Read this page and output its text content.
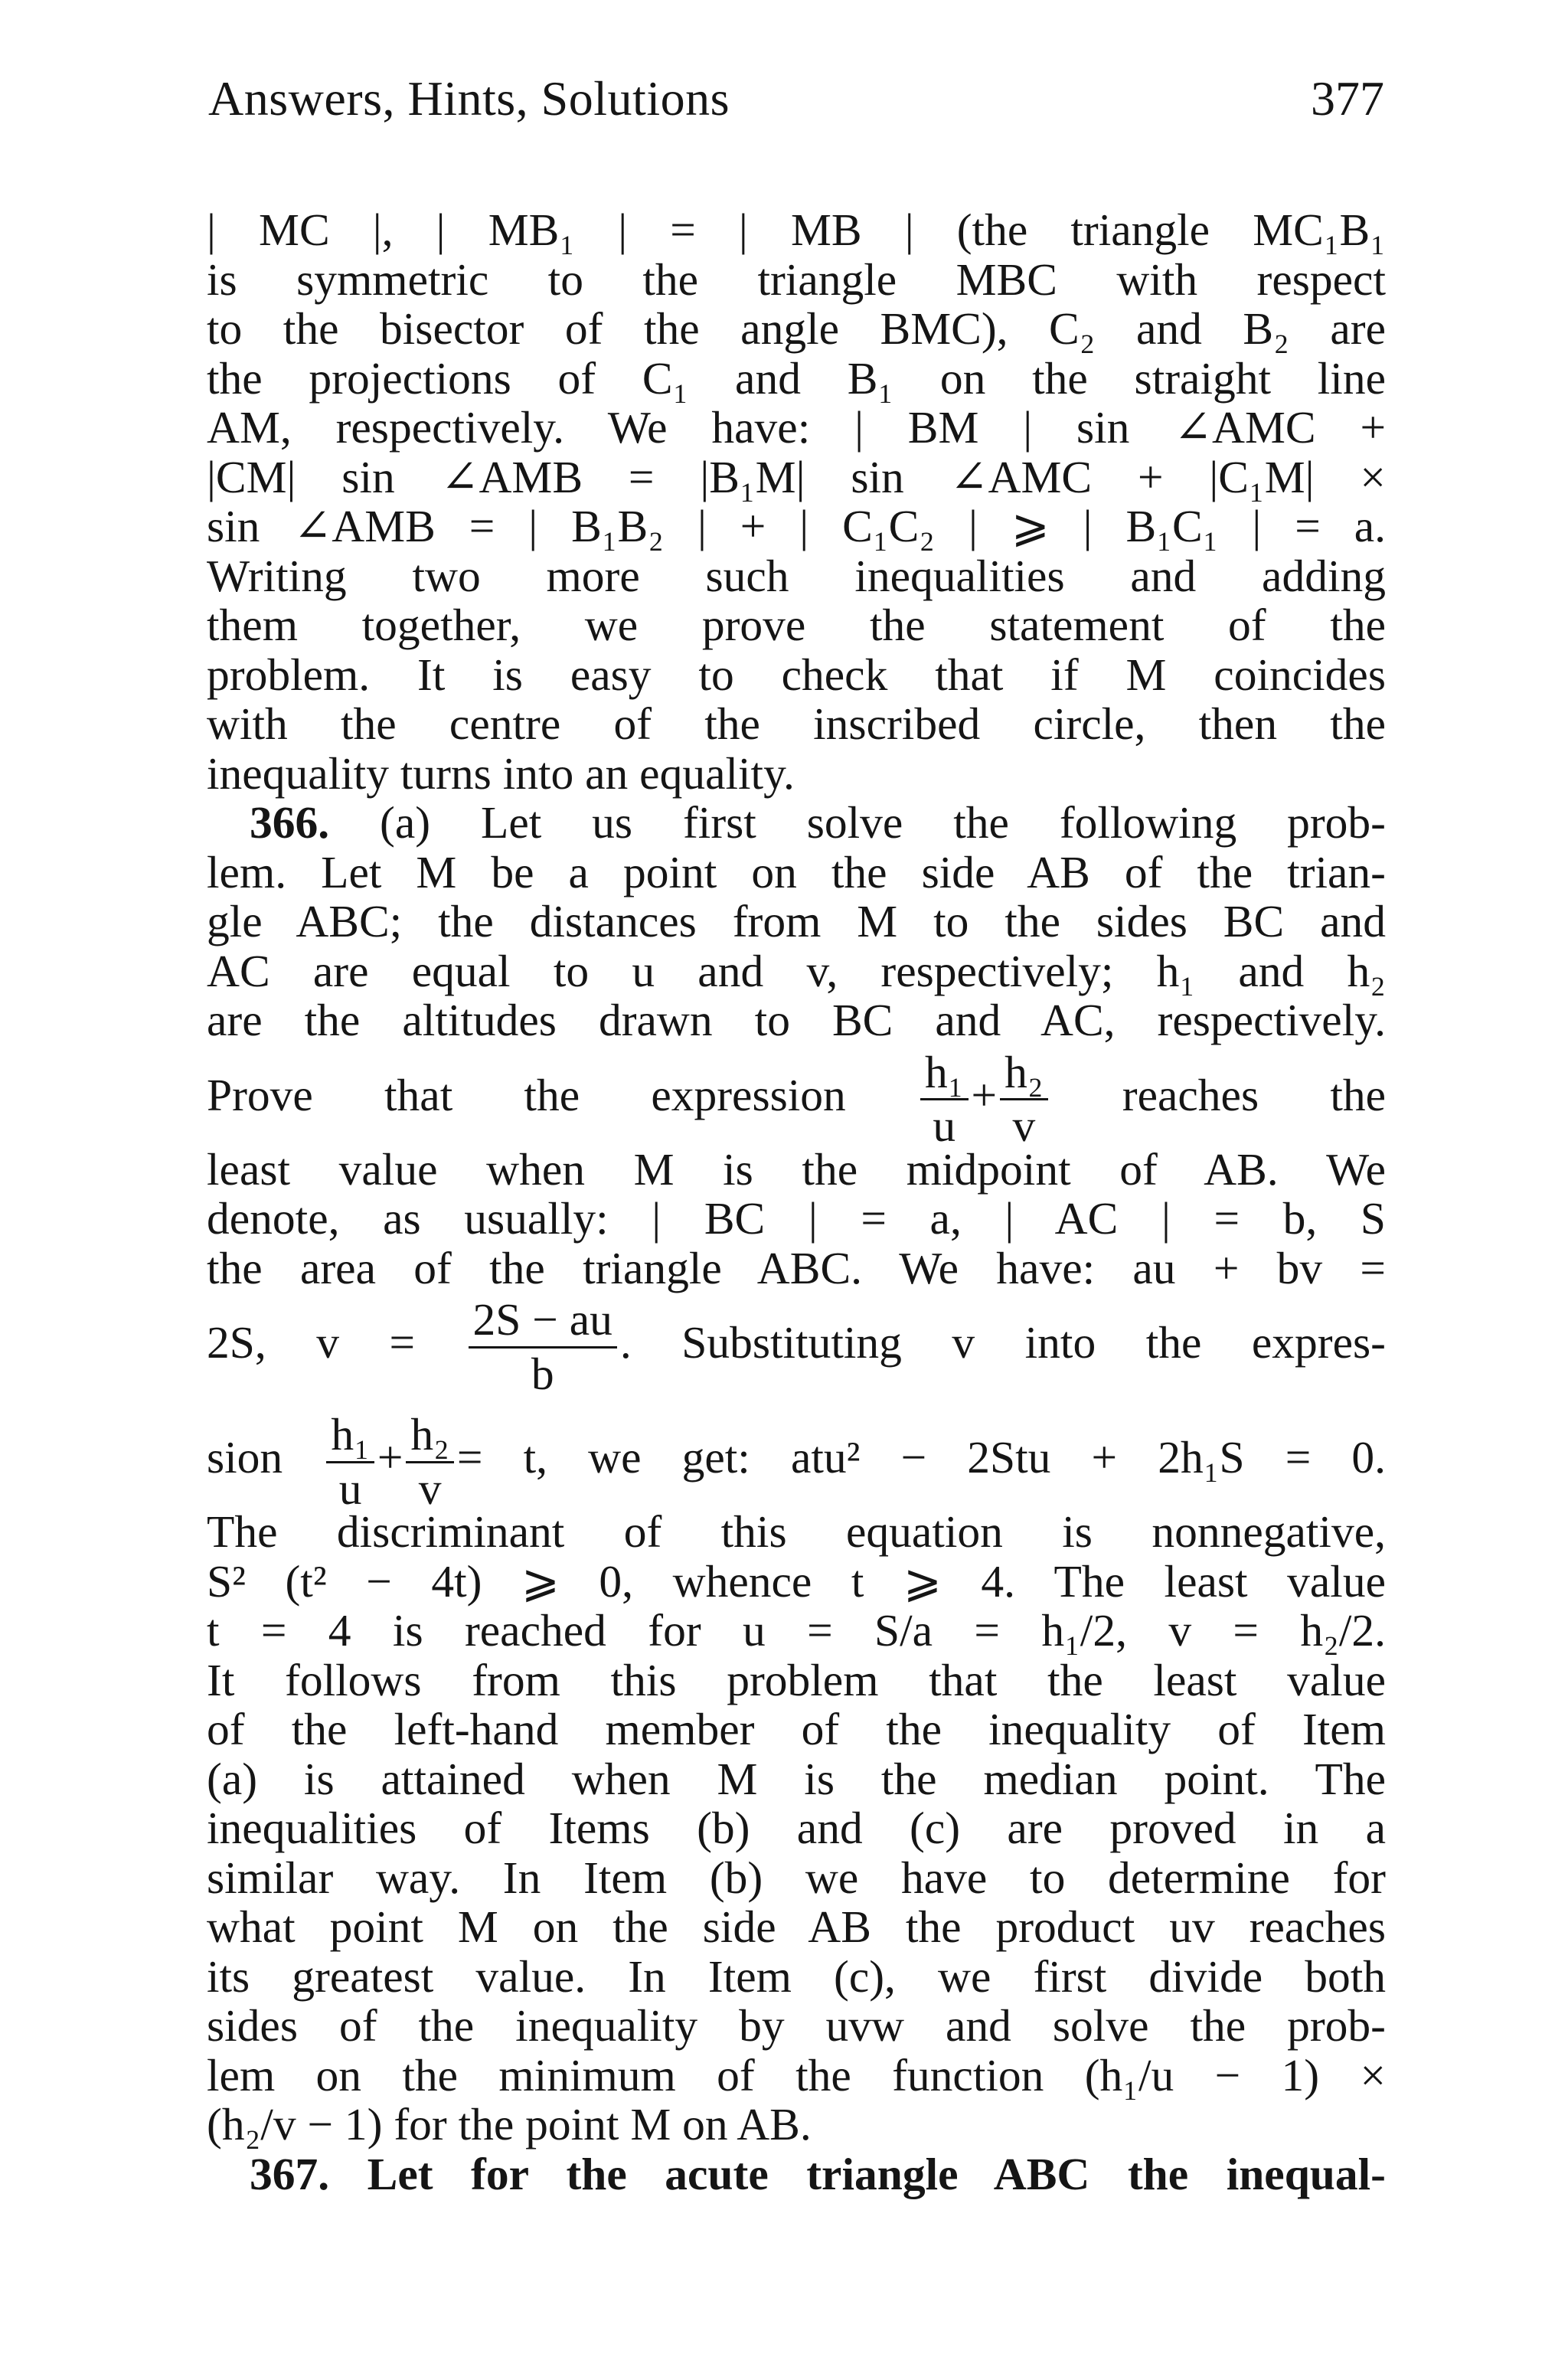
Answers, Hints, Solutions	377
| MC |, | MB₁ | = | MB | (the triangle MC₁B₁
is symmetric to the triangle MBC with respect
to the bisector of the angle BMC), C₂ and B₂ are
the projections of C₁ and B₁ on the straight line
AM, respectively. We have: | BM | sin ∠AMC +
|CM| sin ∠AMB = |B₁M| sin ∠AMC + |C₁M| ×
sin ∠AMB = | B₁B₂ | + | C₁C₂ | ⩾ | B₁C₁ | = a.
Writing two more such inequalities and adding
them together, we prove the statement of the
problem. It is easy to check that if M coincides
with the centre of the inscribed circle, then the
inequality turns into an equality.
366. (a) Let us first solve the following prob-
lem. Let M be a point on the side AB of the trian-
gle ABC; the distances from M to the sides BC and
AC are equal to u and v, respectively; h₁ and h₂
are the altitudes drawn to BC and AC, respectively.
Prove that the expression $\frac{\text{h₁}}{u} + \frac{\text{h₂}}{v}$ reaches the
least value when M is the midpoint of AB. We
denote, as usually: | BC | = a, | AC | = b, S
the area of the triangle ABC. We have: au + bv =
2S, $v = \frac{2S - au}{b}$ . Substituting v into the expres-
sion $\frac{\text{h₁}}{u} + \frac{\text{h₂}}{v} = t$, we get: atu² − 2Stu + 2h₁S = 0.
The discriminant of this equation is nonnegative,
S² (t² − 4t) ⩾ 0, whence t ⩾ 4. The least value
t = 4 is reached for u = S/a = h₁/2, v = h₂/2.
It follows from this problem that the least value
of the left-hand member of the inequality of Item
(a) is attained when M is the median point. The
inequalities of Items (b) and (c) are proved in a
similar way. In Item (b) we have to determine for
what point M on the side AB the product uv reaches
its greatest value. In Item (c), we first divide both
sides of the inequality by uvw and solve the prob-
lem on the minimum of the function (h₁/u − 1) ×
(h₂/v − 1) for the point M on AB.
367. Let for the acute triangle ABC the inequal-
